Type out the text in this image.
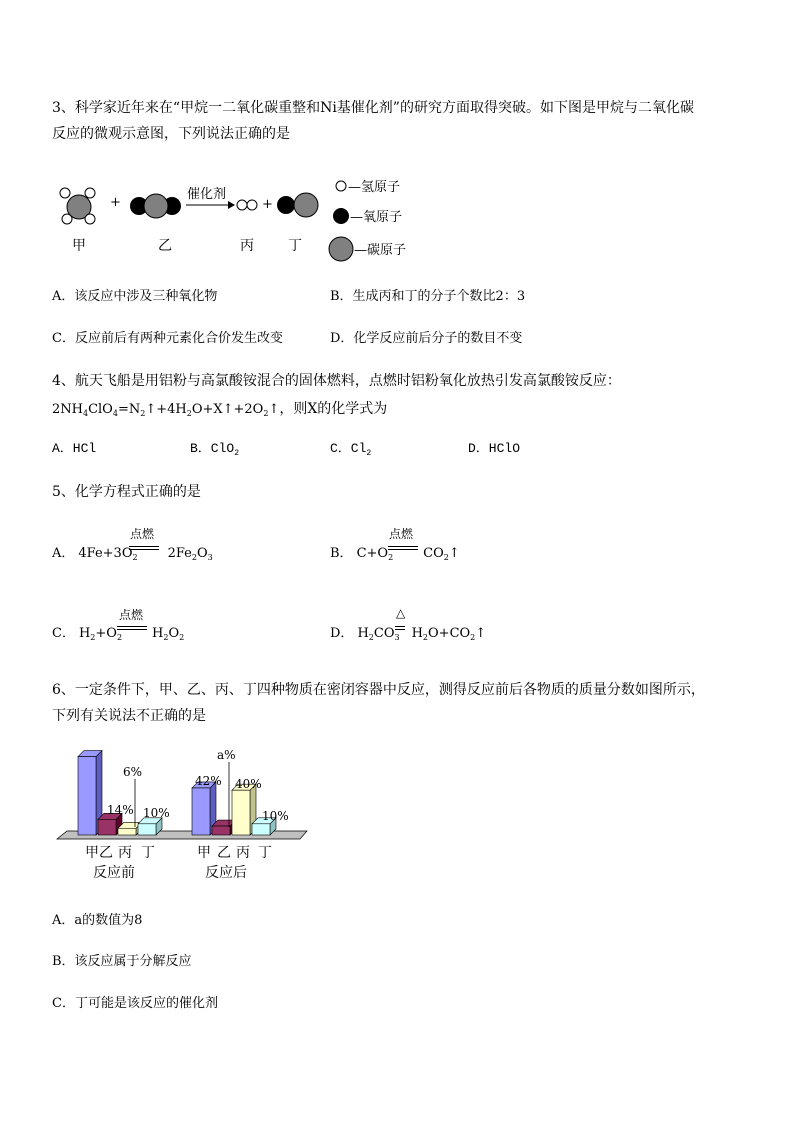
3、科学家近年来在“甲烷一二氧化碳重整和Ni基催化剂”的研究方面取得突破。如下图是甲烷与二氧化碳
反应的微观示意图，下列说法正确的是
+
催化剂
+
甲	乙	丙 丁
—氢原子
—氧原子
—碳原子
A．该反应中涉及三种氧化物	B．生成丙和丁的分子个数比2：3
C．反应前后有两种元素化合价发生改变	D．化学反应前后分子的数目不变
4、航天飞船是用铝粉与高氯酸铵混合的固体燃料，点燃时铝粉氧化放热引发高氯酸铵反应：
$2NH_4ClO_4=N_2↑+4H_2O+X↑+2O_2↑$，则X的化学式为
A．HCl	B．ClO$_2$	C．$Cl_2$	D．HClO
5、化学方程式正确的是
A． $4Fe+3O_2$ $2Fe_2O_3$
点燃
B． $C+O_2$ $CO_2↑$
点燃
C． $H_2+O_2$ $H_2O_2$
点燃
D． $H_2CO_3$ $H_2O+CO_2↑$
△
6、一定条件下，甲、乙、丙、丁四种物质在密闭容器中反应，测得反应前后各物质的质量分数如图所示，
下列有关说法不正确的是
14%
6%
10%
42%
a%
40%
10%
甲 乙 丙 丁
反应前
甲 乙 丙 丁
反应后
A．a的数值为8
B．该反应属于分解反应
C．丁可能是该反应的催化剂
